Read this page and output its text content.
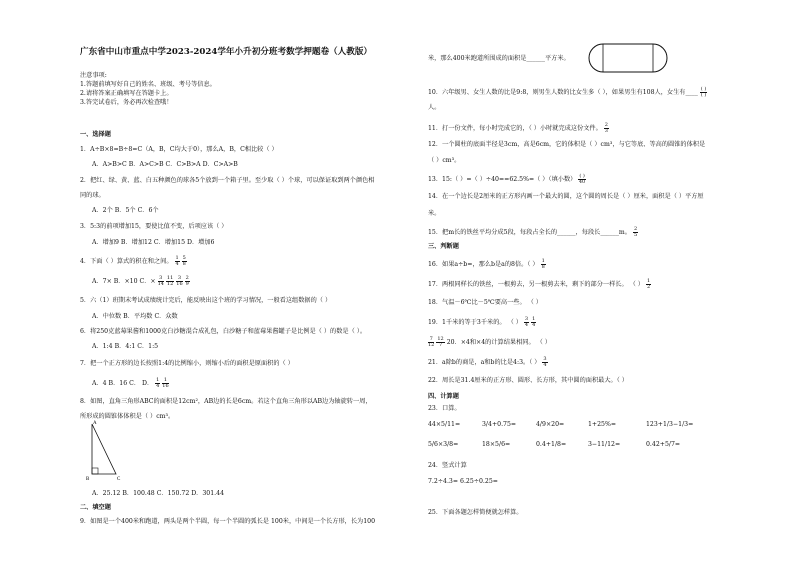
广东省中山市重点中学2023-2024学年小升初分班考数学押题卷（人教版）
注意事项:
1.答题前填写好自己的姓名、班级、考号等信息。
2.请将答案正确填写在答题卡上。
3.答完试卷后，务必再次检查哦！
一、选择题
1．A÷B×8=B÷8=C（A，B，C均大于0），那么A，B，C相比较（ ）
A．A>B>C B．A>C>B C．C>B>A D．C>A>B
2．把红、绿、黄、蓝、白五种颜色的球各5个放到一个箱子里。至少取（ ）个球，可以保证取到两个颜色相
同的球。
A．2个 B．5个 C．6个
3．5:3的前项增加15，要使比值不变，后项应该（ ）
A．增加9 B．增加12 C．增加15 D．增加6
4．下面（ ）算式的积在和之间。 $\frac{1}{4}$
$\frac{5}{8}$
A．7× B．×10 C．× $\frac{3}{14}$
$\frac{11}{12}$
$\frac{3}{16}$
$\frac{2}{9}$
5．六（1）班期末考试成绩统计完后，能反映出这个班的学习情况，一般看这组数据的（ ）
A．中位数 B．平均数 C．众数
6．将250克蓝莓果酱和1000克白沙糖混合成礼包，白沙糖子和蓝莓果酱罐子是比例是（ ）的数是（ ）。
A．1:4 B．4:1 C．1:5
7．把一个正方形的边长按照1:4的比例缩小，则缩小后的面积是原面积的（ ）
A．4 B．16 C． D． $\frac{1}{4}$
$\frac{1}{16}$
8．如图，直角三角形ABC的面积是12cm²，AB边的长是6cm。若这个直角三角形以AB边为轴旋转一周，
所形成的圆锥体体积是（ ）cm³。
A
B	C
A．25.12 B．100.48 C．150.72 D．301.44
二、填空题
9．如图是一个400米和跑道，两头是两个半圆，每一个半圆的弧长是 100米，中间是一个长方形，长为100
米，那么400米跑道所围成的面积是______平方米。
10．六年级男、女生人数的比是9:8，则男生人数的比女生多（ ），如果男生有108人，女生有____ $\frac{( )}{( )}$
人。
11．打一份文件，每小时完成它的，（ ）小时就完成这份文件。 $\frac{2}{3}$
12．一个圆柱的底面半径是3cm，高是6cm，它的体积是（ ）cm³，与它等底、等高的圆锥的体积是
（ ）cm³。
13．15:（ ）=（ ）÷40==62.5%=（ ）（填小数） $\frac{( )}{40}$
14．在一个边长是2厘米的正方形内画一个最大的圆，这个圆的周长是（ ）厘米，面积是（ ）平方厘
米。
15．把m长的铁丝平均分成5段，每段占全长的______，每段长______m。 $\frac{2}{5}$
三、判断题
16．如果a÷b=，那么b是a的8倍。（ ） $\frac{1}{8}$
17．两根同样长的铁丝，一根剪去，另一根剪去米，剩下的部分一样长。 （ ） $\frac{1}{2}$
18．气温－6℃比－5℃要高一些。 （ ）
19．1千米的等于3千米的。 （ ） $\frac{3}{4}$
$\frac{1}{4}$
$\frac{7}{12}$
$\frac{12}{7} 20$．×4和×4的计算结果相同。 （ ）
21．a除b的商是，a和b的比是4:3。（ ） $\frac{3}{4}$
22．周长是31.4厘米的正方形、圆形、长方形，其中圆的面积最大。（ ）
四、计算题
23．口算。
44×5/11=	3/4+0.75=	4/9×20=	1+25%=	123+1/3−1/3=
5/6×3/8=	18×5/6=	0.4+1/8=	3−11/12=	0.42+5/7=
24．竖式计算
7.2÷4.3= 6.25÷0.25=
25．下面各题怎样简便就怎样算。
